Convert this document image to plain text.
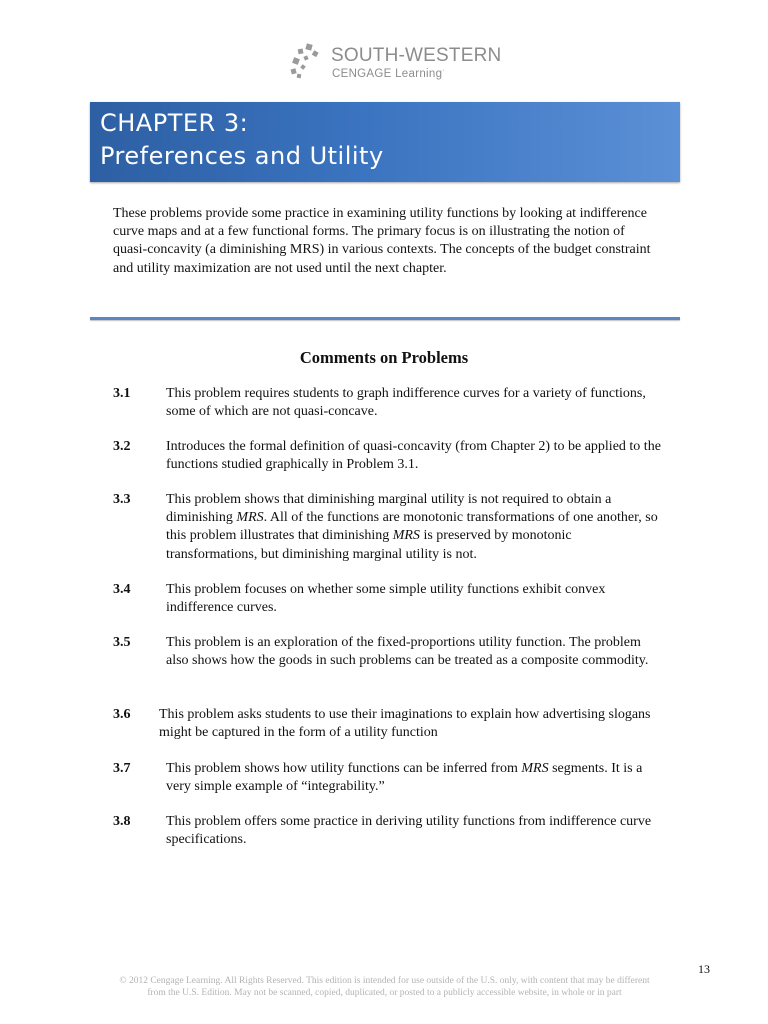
SOUTH-WESTERN
CENGAGE Learning·
CHAPTER 3:
Preferences and Utility

These problems provide some practice in examining utility functions by looking at indifference curve maps and at a few functional forms. The primary focus is on illustrating the notion of quasi-concavity (a diminishing MRS) in various contexts. The concepts of the budget constraint and utility maximization are not used until the next chapter.

Comments on Problems
3.1	This problem requires students to graph indifference curves for a variety of functions, some of which are not quasi-concave.

3.2	Introduces the formal definition of quasi-concavity (from Chapter 2) to be applied to the functions studied graphically in Problem 3.1.

3.3	This problem shows that diminishing marginal utility is not required to obtain a diminishing MRS. All of the functions are monotonic transformations of one another, so this problem illustrates that diminishing MRS is preserved by monotonic transformations, but diminishing marginal utility is not.

3.4	This problem focuses on whether some simple utility functions exhibit convex indifference curves.

3.5	This problem is an exploration of the fixed-proportions utility function. The problem also shows how the goods in such problems can be treated as a composite commodity.

3.6 This problem asks students to use their imaginations to explain how advertising slogans might be captured in the form of a utility function

3.7	This problem shows how utility functions can be inferred from MRS segments. It is a very simple example of “integrability.”

3.8	This problem offers some practice in deriving utility functions from indifference curve specifications.

13

© 2012 Cengage Learning. All Rights Reserved. This edition is intended for use outside of the U.S. only, with content that may be different from the U.S. Edition. May not be scanned, copied, duplicated, or posted to a publicly accessible website, in whole or in part
